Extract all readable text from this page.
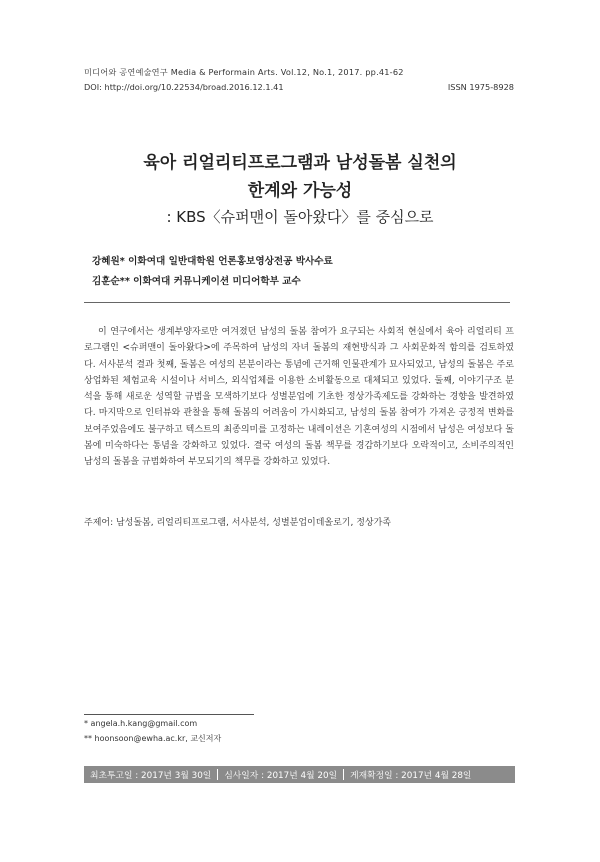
미디어와 공연예술연구 Media & Performain Arts. Vol.12, No.1, 2017. pp.41-62
DOI: http://doi.org/10.22534/broad.2016.12.1.41	ISSN 1975-8928
육아 리얼리티프로그램과 남성돌봄 실천의
한계와 가능성
: KBS〈슈퍼맨이 돌아왔다〉를 중심으로
강혜원* 이화여대 일반대학원 언론홍보영상전공 박사수료
김훈순** 이화여대 커뮤니케이션 미디어학부 교수

이 연구에서는 생계부양자로만 여겨졌던 남성의 돌봄 참여가 요구되는 사회적 현실에서 육아 리얼리티 프로그램인 <슈퍼맨이 돌아왔다>에 주목하여 남성의 자녀 돌봄의 재현방식과 그 사회문화적 함의를 검토하였다. 서사분석 결과 첫째, 돌봄은 여성의 본분이라는 통념에 근거해 인물관계가 묘사되었고, 남성의 돌봄은 주로 상업화된 체험교육 시설이나 서비스, 외식업체를 이용한 소비활동으로 대체되고 있었다. 둘째, 이야기구조 분석을 통해 새로운 성역할 규범을 모색하기보다 성별분업에 기초한 정상가족제도를 강화하는 경향을 발견하였다. 마지막으로 인터뷰와 관찰을 통해 돌봄의 어려움이 가시화되고, 남성의 돌봄 참여가 가져온 긍정적 변화를 보여주었음에도 불구하고 텍스트의 최종의미를 고정하는 내레이션은 기혼여성의 시점에서 남성은 여성보다 돌봄에 미숙하다는 통념을 강화하고 있었다. 결국 여성의 돌봄 책무를 경감하기보다 오락적이고, 소비주의적인 남성의 돌봄을 규범화하여 부모되기의 책무를 강화하고 있었다.

주제어: 남성돌봄, 리얼리티프로그램, 서사분석, 성별분업이데올로기, 정상가족
* angela.h.kang@gmail.com
** hoonsoon@ewha.ac.kr, 교신저자
최초투고일 : 2017년 3월 30일 심사일자 : 2017년 4월 20일 게재확정일 : 2017년 4월 28일
